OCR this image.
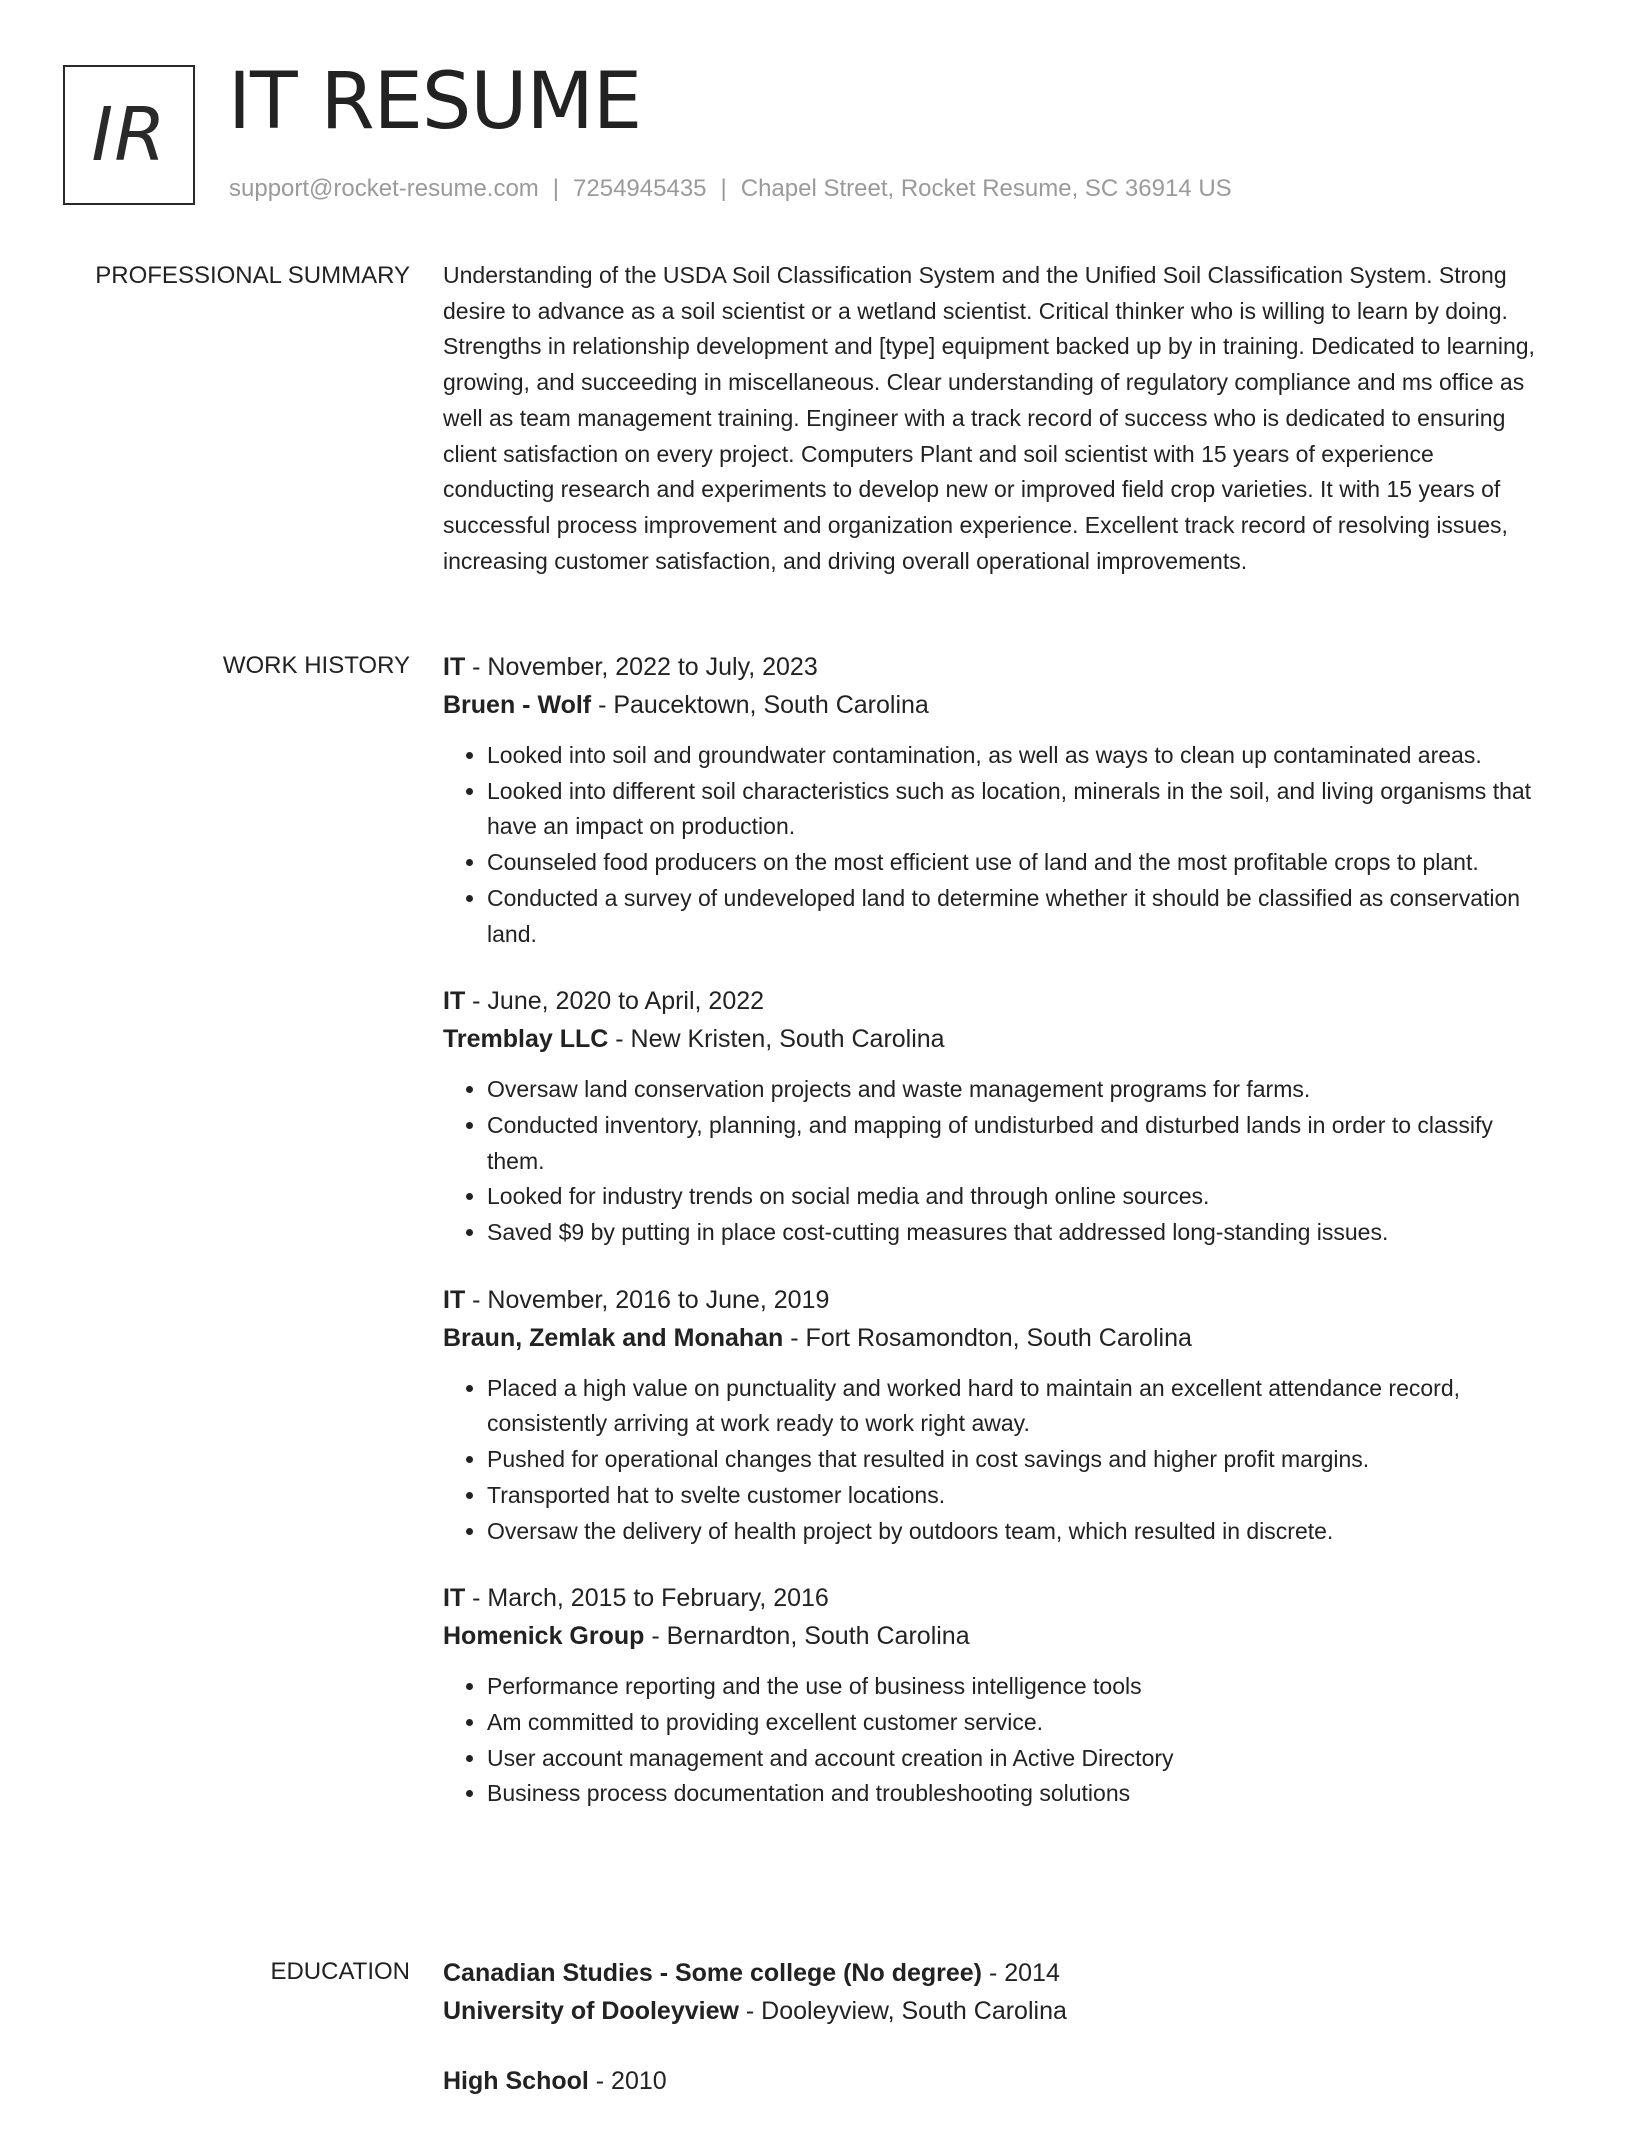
IR IT RESUME
support@rocket-resume.com | 7254945435 | Chapel Street, Rocket Resume, SC 36914 US
PROFESSIONAL SUMMARY Understanding of the USDA Soil Classification System and the Unified Soil Classification System. Strong desire to advance as a soil scientist or a wetland scientist. Critical thinker who is willing to learn by doing. Strengths in relationship development and [type] equipment backed up by in training. Dedicated to learning, growing, and succeeding in miscellaneous. Clear understanding of regulatory compliance and ms office as well as team management training. Engineer with a track record of success who is dedicated to ensuring client satisfaction on every project. Computers Plant and soil scientist with 15 years of experience conducting research and experiments to develop new or improved field crop varieties. It with 15 years of successful process improvement and organization experience. Excellent track record of resolving issues, increasing customer satisfaction, and driving overall operational improvements.

WORK HISTORY IT - November, 2022 to July, 2023

Bruen - Wolf - Paucektown, South Carolina

• Looked into soil and groundwater contamination, as well as ways to clean up contaminated areas.
• Looked into different soil characteristics such as location, minerals in the soil, and living organisms that have an impact on production.
• Counseled food producers on the most efficient use of land and the most profitable crops to plant.
• Conducted a survey of undeveloped land to determine whether it should be classified as conservation land.

IT - June, 2020 to April, 2022

Tremblay LLC - New Kristen, South Carolina

• Oversaw land conservation projects and waste management programs for farms.
• Conducted inventory, planning, and mapping of undisturbed and disturbed lands in order to classify them.
• Looked for industry trends on social media and through online sources.
• Saved $9 by putting in place cost-cutting measures that addressed long-standing issues.

IT - November, 2016 to June, 2019

Braun, Zemlak and Monahan - Fort Rosamondton, South Carolina

• Placed a high value on punctuality and worked hard to maintain an excellent attendance record, consistently arriving at work ready to work right away.
• Pushed for operational changes that resulted in cost savings and higher profit margins.
• Transported hat to svelte customer locations.
• Oversaw the delivery of health project by outdoors team, which resulted in discrete.

IT - March, 2015 to February, 2016

Homenick Group - Bernardton, South Carolina

• Performance reporting and the use of business intelligence tools
• Am committed to providing excellent customer service.
• User account management and account creation in Active Directory
• Business process documentation and troubleshooting solutions
EDUCATION Canadian Studies - Some college (No degree) - 2014

University of Dooleyview - Dooleyview, South Carolina

High School - 2010
